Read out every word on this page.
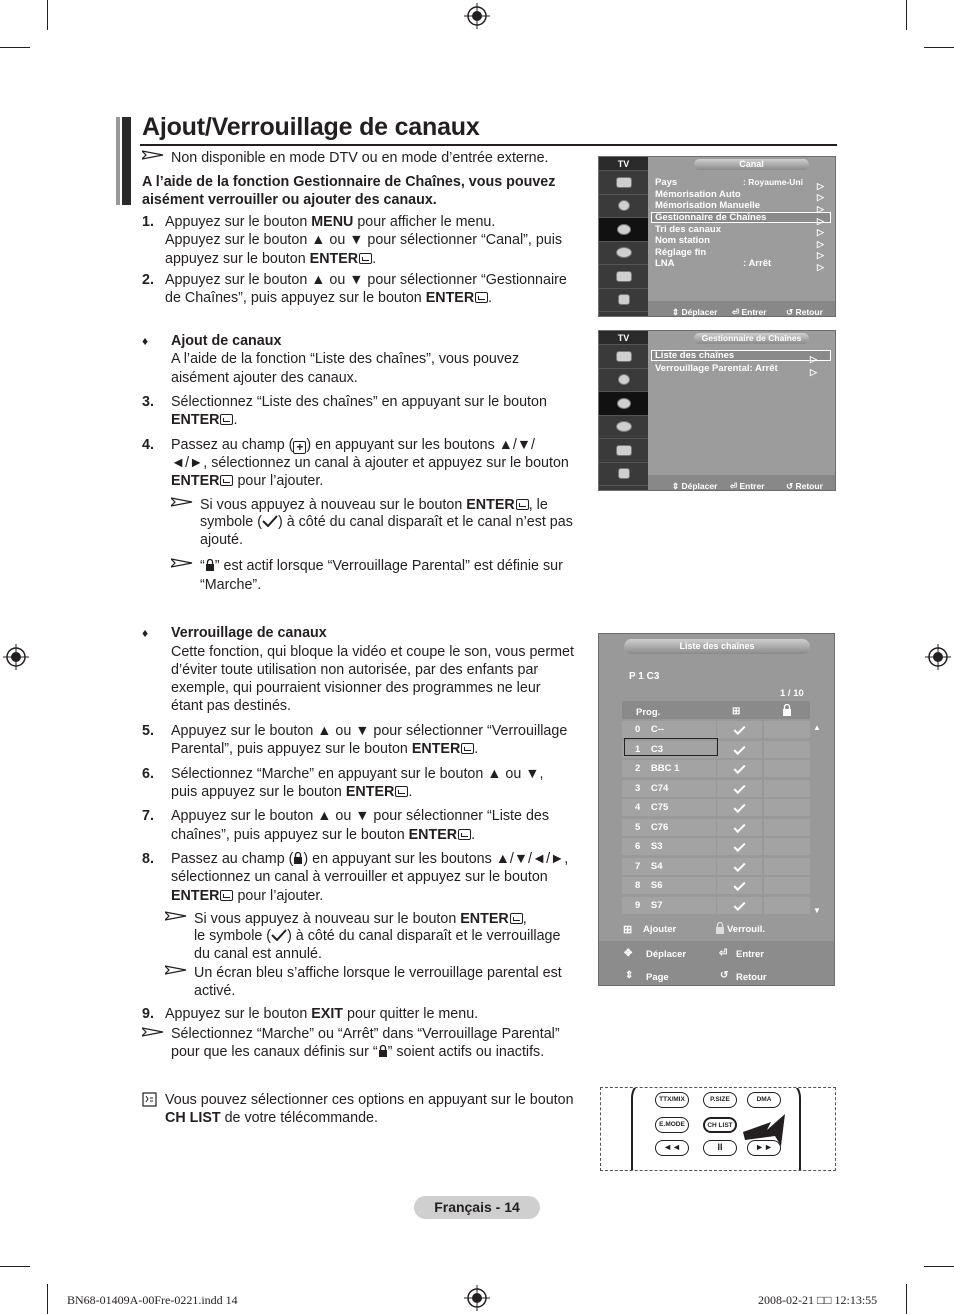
Ajout/Verrouillage de canaux
Non disponible en mode DTV ou en mode d’entrée externe.
A l’aide de la fonction Gestionnaire de Chaînes, vous pouvez
aisément verrouiller ou ajouter des canaux.
1. Appuyez sur le bouton MENU pour afficher le menu.
Appuyez sur le bouton ▲ ou ▼ pour sélectionner “Canal”, puis
appuyez sur le bouton ENTER .
2. Appuyez sur le bouton ▲ ou ▼ pour sélectionner “Gestionnaire
de Chaînes”, puis appuyez sur le bouton ENTER .
♦ Ajout de canaux
A l’aide de la fonction “Liste des chaînes”, vous pouvez
aisément ajouter des canaux.
3. Sélectionnez “Liste des chaînes” en appuyant sur le bouton
ENTER .
4. Passez au champ ( + ) en appuyant sur les boutons ▲/▼/
◄/►, sélectionnez un canal à ajouter et appuyez sur le bouton
ENTER pour l’ajouter.
Si vous appuyez à nouveau sur le bouton ENTER , le
symbole ( ) à côté du canal disparaît et le canal n’est pas
ajouté.
“ ” est actif lorsque “Verrouillage Parental” est définie sur
“Marche”.
♦ Verrouillage de canaux
Cette fonction, qui bloque la vidéo et coupe le son, vous permet
d’éviter toute utilisation non autorisée, par des enfants par
exemple, qui pourraient visionner des programmes ne leur
étant pas destinés.
5. Appuyez sur le bouton ▲ ou ▼ pour sélectionner “Verrouillage
Parental”, puis appuyez sur le bouton ENTER .
6. Sélectionnez “Marche” en appuyant sur le bouton ▲ ou ▼,
puis appuyez sur le bouton ENTER .
7. Appuyez sur le bouton ▲ ou ▼ pour sélectionner “Liste des
chaînes”, puis appuyez sur le bouton ENTER .
8. Passez au champ ( ) en appuyant sur les boutons ▲/▼/◄/►,
sélectionnez un canal à verrouiller et appuyez sur le bouton
ENTER pour l’ajouter.
Si vous appuyez à nouveau sur le bouton ENTER ,
le symbole ( ) à côté du canal disparaît et le verrouillage
du canal est annulé.
Un écran bleu s’affiche lorsque le verrouillage parental est
activé.
9. Appuyez sur le bouton EXIT pour quitter le menu.
Sélectionnez “Marche” ou “Arrêt” dans “Verrouillage Parental”
pour que les canaux définis sur “ ” soient actifs ou inactifs.
Vous pouvez sélectionner ces options en appuyant sur le bouton
CH LIST de votre télécommande.
TV	Canal
Pays	: Royaume-Uni
Mémorisation Auto
Mémorisation Manuelle
Gestionnaire de Chaînes
Tri des canaux
Nom station
Réglage fin
LNA	: Arrêt
▷
▷
▷
▷
▷
▷
▷
▷
⇕ Déplacer ⏎ Entrer ↺ Retour
TV	Gestionnaire de Chaînes
Liste des chaînes
Verrouillage Parental: Arrêt
▷
▷
⇕ Déplacer ⏎ Entrer	↺ Retour
Liste des chaînes
P 1 C3
1 / 10
Prog.	⊞
0 C--
1 C3
2 BBC 1
3 C74
4 C75
5 C76
6 S3
7 S4
8 S6
9 S7
▲
▼
⊞ Ajouter	Verrouil.
✥ Déplacer	⏎ Entrer
⇕ Page	↺ Retour
TTX/MIX	P.SIZE	DMA
E.MODE	CH LIST
◄◄	II	►►
Français - 14
BN68-01409A-00Fre-0221.indd 14	2008-02-21 □□ 12:13:55
